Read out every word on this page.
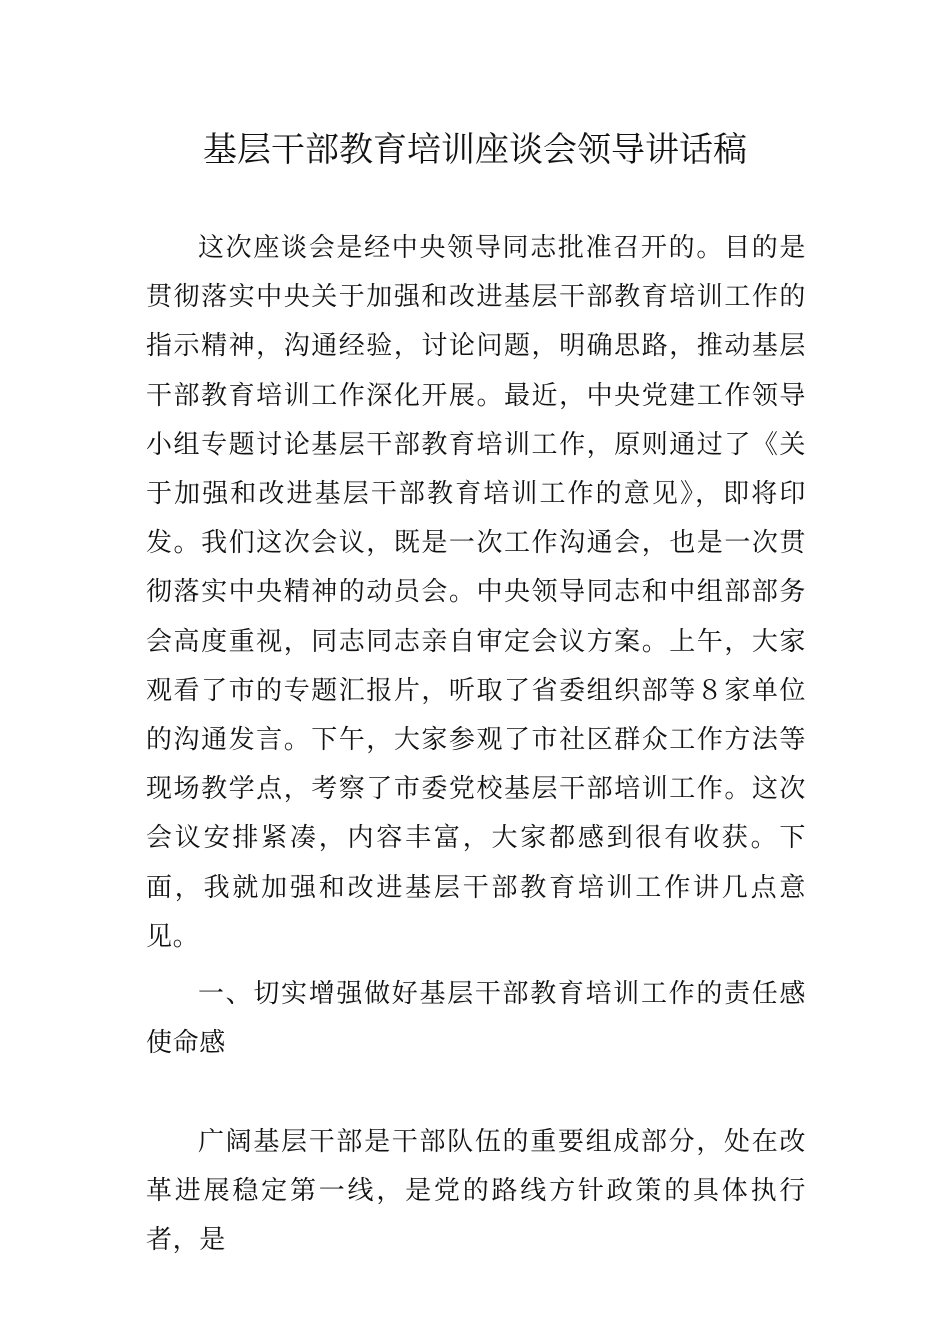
基层干部教育培训座谈会领导讲话稿

这次座谈会是经中央领导同志批准召开的。目的是贯彻落实中央关于加强和改进基层干部教育培训工作的指示精神，沟通经验，讨论问题，明确思路，推动基层干部教育培训工作深化开展。最近，中央党建工作领导小组专题讨论基层干部教育培训工作，原则通过了《关于加强和改进基层干部教育培训工作的意见》，即将印发。我们这次会议，既是一次工作沟通会，也是一次贯彻落实中央精神的动员会。中央领导同志和中组部部务会高度重视，同志同志亲自审定会议方案。上午，大家观看了市的专题汇报片，听取了省委组织部等８家单位的沟通发言。下午，大家参观了市社区群众工作方法等现场教学点，考察了市委党校基层干部培训工作。这次会议安排紧凑，内容丰富，大家都感到很有收获。下面，我就加强和改进基层干部教育培训工作讲几点意见。

一、切实增强做好基层干部教育培训工作的责任感使命感

广阔基层干部是干部队伍的重要组成部分，处在改革进展稳定第一线，是党的路线方针政策的具体执行者，是
